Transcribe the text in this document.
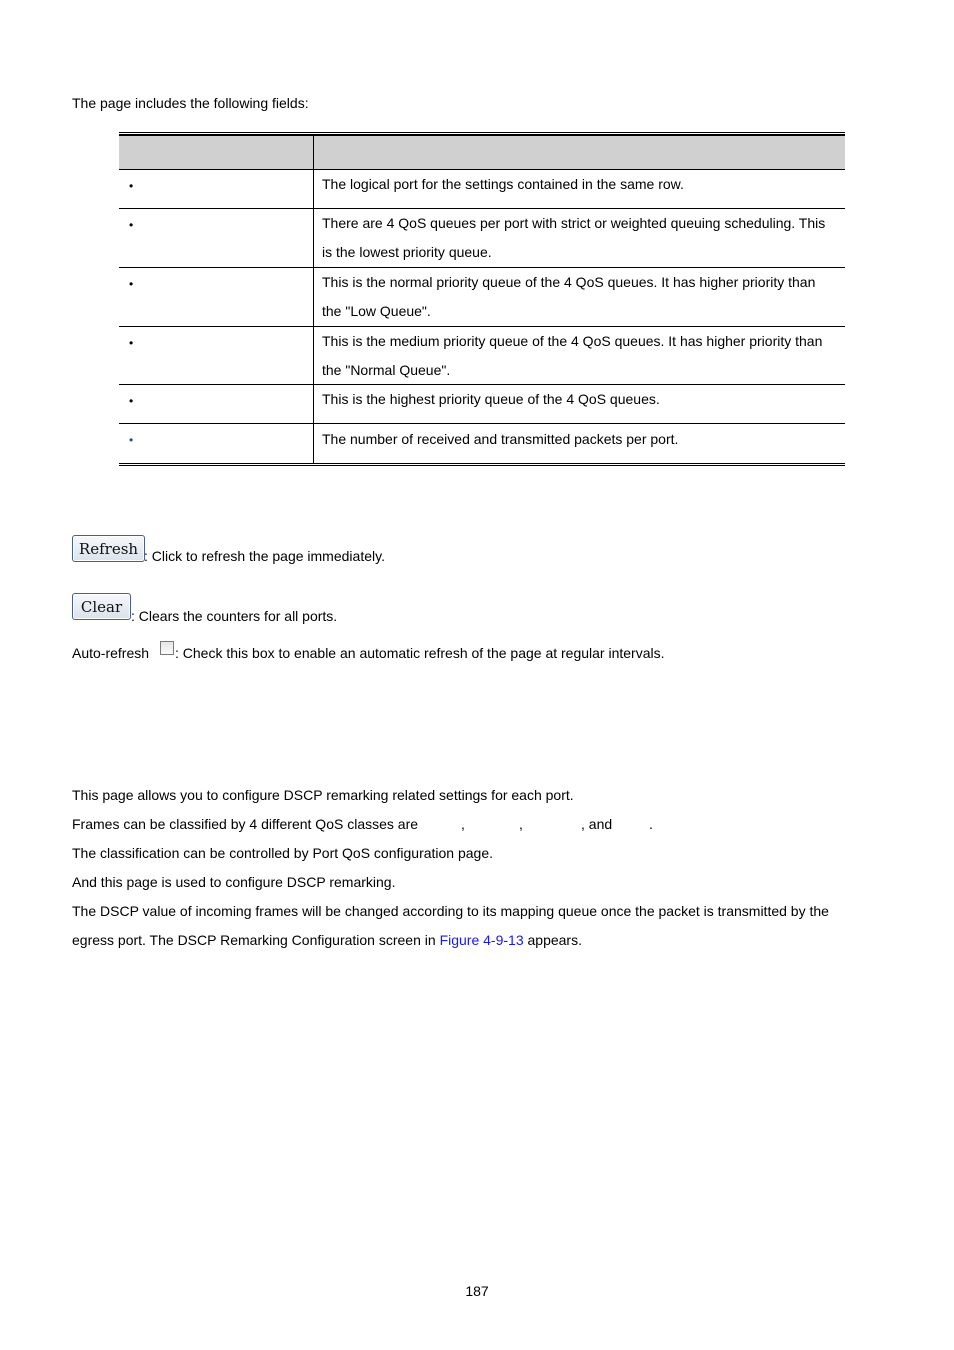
The page includes the following fields:
•	The logical port for the settings contained in the same row.
•	There are 4 QoS queues per port with strict or weighted queuing scheduling. This is the lowest priority queue.
•	This is the normal priority queue of the 4 QoS queues. It has higher priority than the "Low Queue".
•	This is the medium priority queue of the 4 QoS queues. It has higher priority than the "Normal Queue".
•	This is the highest priority queue of the 4 QoS queues.
•	The number of received and transmitted packets per port.
Refresh : Click to refresh the page immediately.
Clear
: Clears the counters for all ports.
Auto-refresh : Check this box to enable an automatic refresh of the page at regular intervals.
This page allows you to configure DSCP remarking related settings for each port.
Frames can be classified by 4 different QoS classes are	,	,	, and	.
The classification can be controlled by Port QoS configuration page.
And this page is used to configure DSCP remarking.
The DSCP value of incoming frames will be changed according to its mapping queue once the packet is transmitted by the
egress port. The DSCP Remarking Configuration screen in Figure 4-9-13 appears.
187
